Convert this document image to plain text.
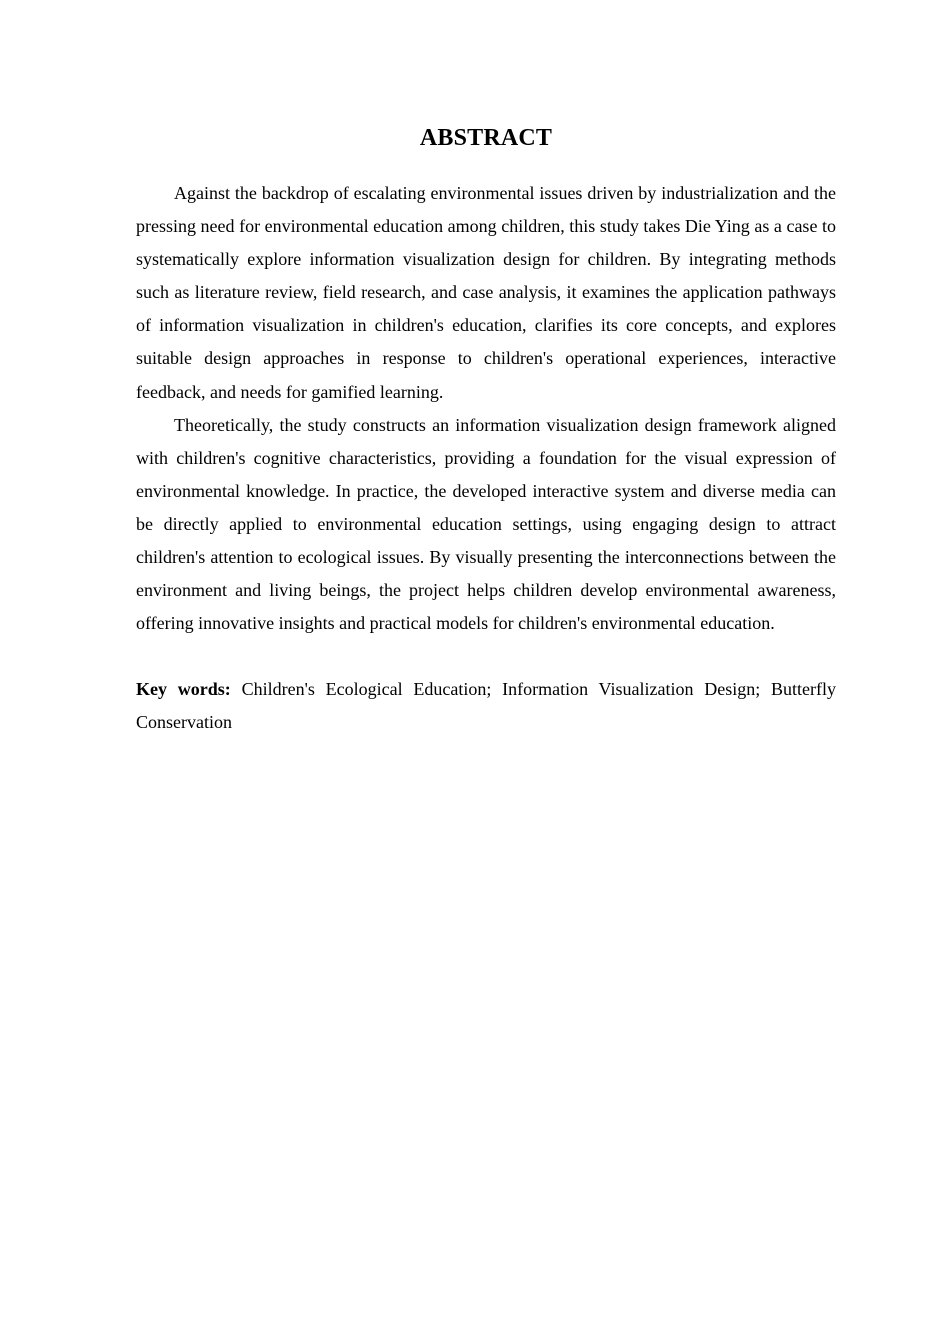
ABSTRACT

Against the backdrop of escalating environmental issues driven by industrialization and the pressing need for environmental education among children, this study takes Die Ying as a case to systematically explore information visualization design for children. By integrating methods such as literature review, field research, and case analysis, it examines the application pathways of information visualization in children's education, clarifies its core concepts, and explores suitable design approaches in response to children's operational experiences, interactive feedback, and needs for gamified learning.

Theoretically, the study constructs an information visualization design framework aligned with children's cognitive characteristics, providing a foundation for the visual expression of environmental knowledge. In practice, the developed interactive system and diverse media can be directly applied to environmental education settings, using engaging design to attract children's attention to ecological issues. By visually presenting the interconnections between the environment and living beings, the project helps children develop environmental awareness, offering innovative insights and practical models for children's environmental education.

Key words: Children's Ecological Education; Information Visualization Design; Butterfly Conservation
